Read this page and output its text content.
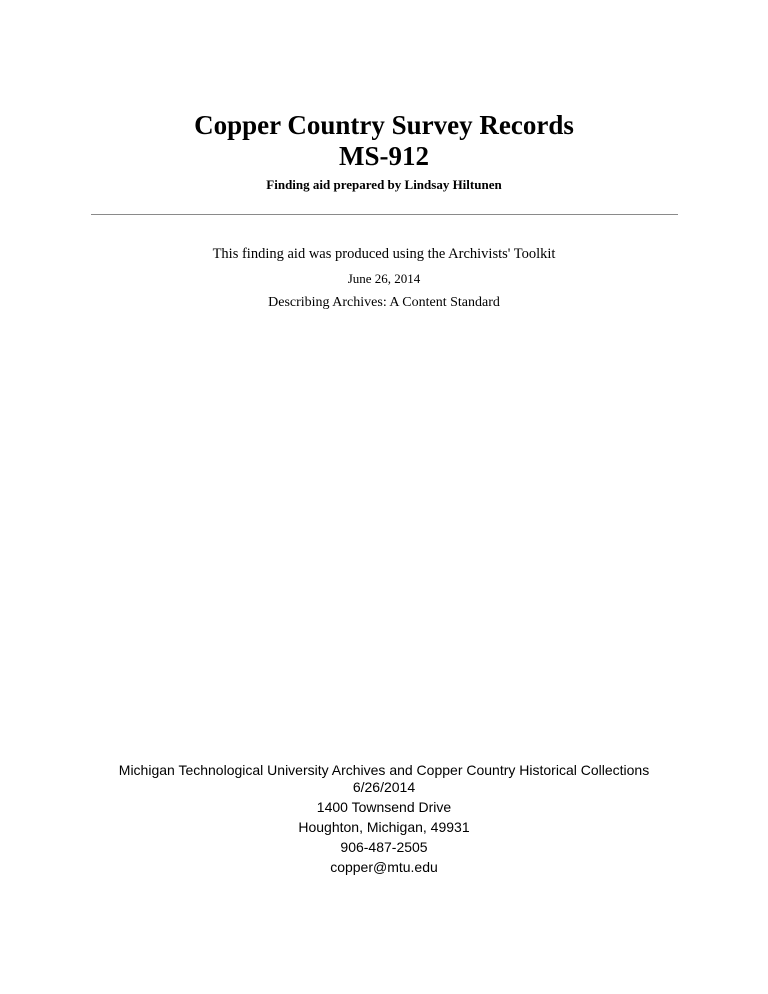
Copper Country Survey Records
MS-912
Finding aid prepared by Lindsay Hiltunen
This finding aid was produced using the Archivists' Toolkit
June 26, 2014
Describing Archives: A Content Standard
Michigan Technological University Archives and Copper Country Historical Collections
6/26/2014
1400 Townsend Drive
Houghton, Michigan, 49931
906-487-2505
copper@mtu.edu
